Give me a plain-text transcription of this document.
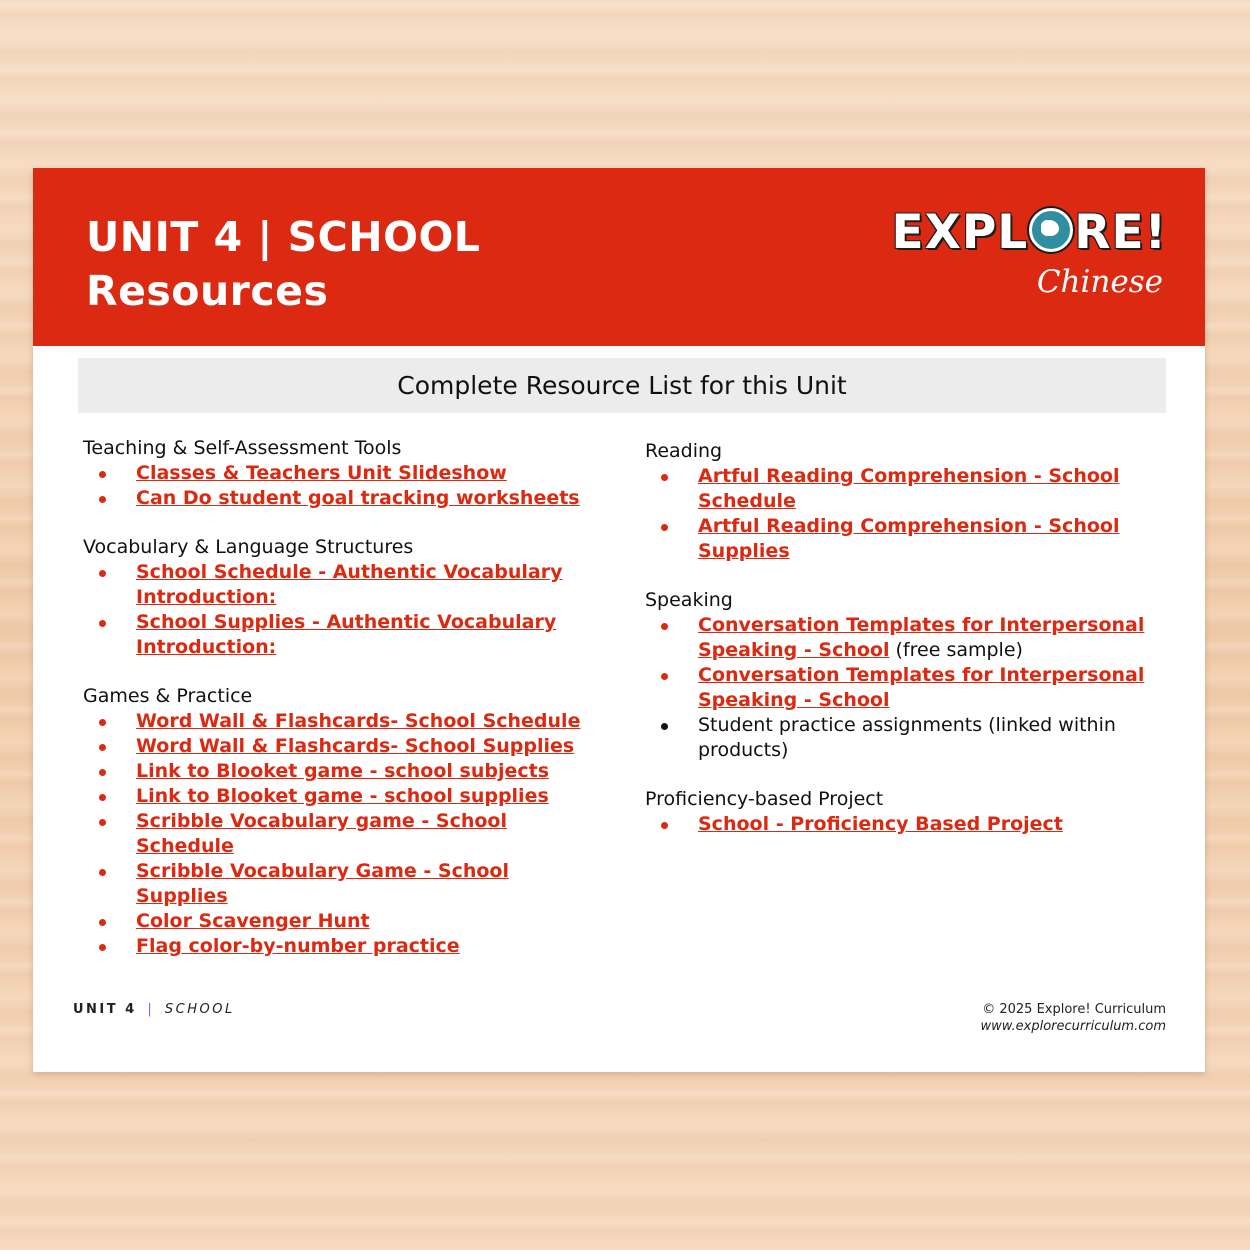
UNIT 4 | SCHOOL
Resources
EXPL RE!
Chinese
Complete Resource List for this Unit
Teaching & Self-Assessment Tools
Classes & Teachers Unit Slideshow
Can Do student goal tracking worksheets
Vocabulary & Language Structures
School Schedule - Authentic Vocabulary Introduction:
School Supplies - Authentic Vocabulary Introduction:
Games & Practice
Word Wall & Flashcards- School Schedule
Word Wall & Flashcards- School Supplies
Link to Blooket game - school subjects
Link to Blooket game - school supplies
Scribble Vocabulary game - School Schedule
Scribble Vocabulary Game - School Supplies
Color Scavenger Hunt
Flag color-by-number practice
Reading
Artful Reading Comprehension - School Schedule
Artful Reading Comprehension - School Supplies
Speaking
Conversation Templates for Interpersonal Speaking - School (free sample)
Conversation Templates for Interpersonal Speaking - School
Student practice assignments (linked within products)
Proficiency-based Project
School - Proficiency Based Project
UNIT 4 | SCHOOL	© 2025 Explore! Curriculum
www.explorecurriculum.com
